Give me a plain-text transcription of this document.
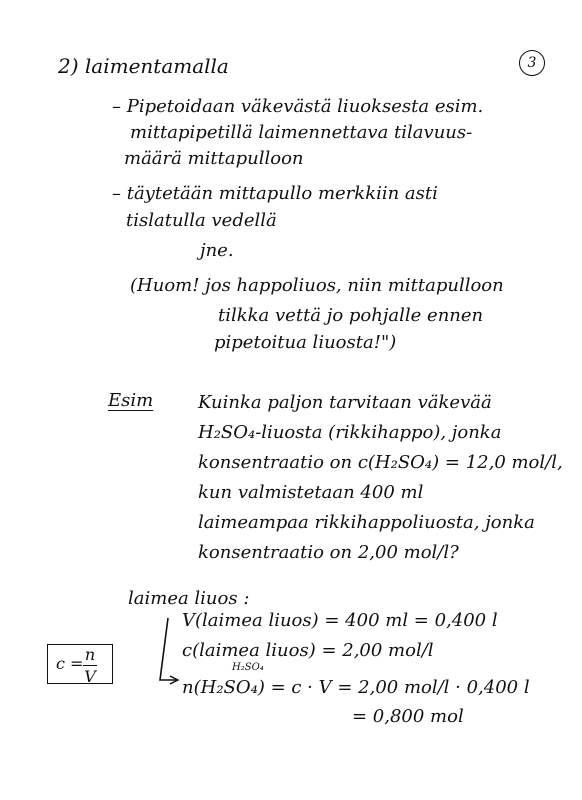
3
2) laimentamalla
– Pipetoidaan väkevästä liuoksesta esim.
mittapipetillä laimennettava tilavuus-
määrä mittapulloon
– täytetään mittapullo merkkiin asti
tislatulla vedellä
jne.
(Huom! jos happoliuos, niin mittapulloon
tilkka vettä jo pohjalle ennen
pipetoitua liuosta!")
Esim Kuinka paljon tarvitaan väkevää
H₂SO₄-liuosta (rikkihappo), jonka
konsentraatio on c(H₂SO₄) = 12,0 mol/l,
kun valmistetaan 400 ml
laimeampaa rikkihappoliuosta, jonka
konsentraatio on 2,00 mol/l?
laimea liuos :
V(laimea liuos) = 400 ml = 0,400 l
c(laimea liuos) = 2,00 mol/l
H₂SO₄
n(H₂SO₄) = c · V = 2,00 mol/l · 0,400 l
= 0,800 mol
c = n
V
